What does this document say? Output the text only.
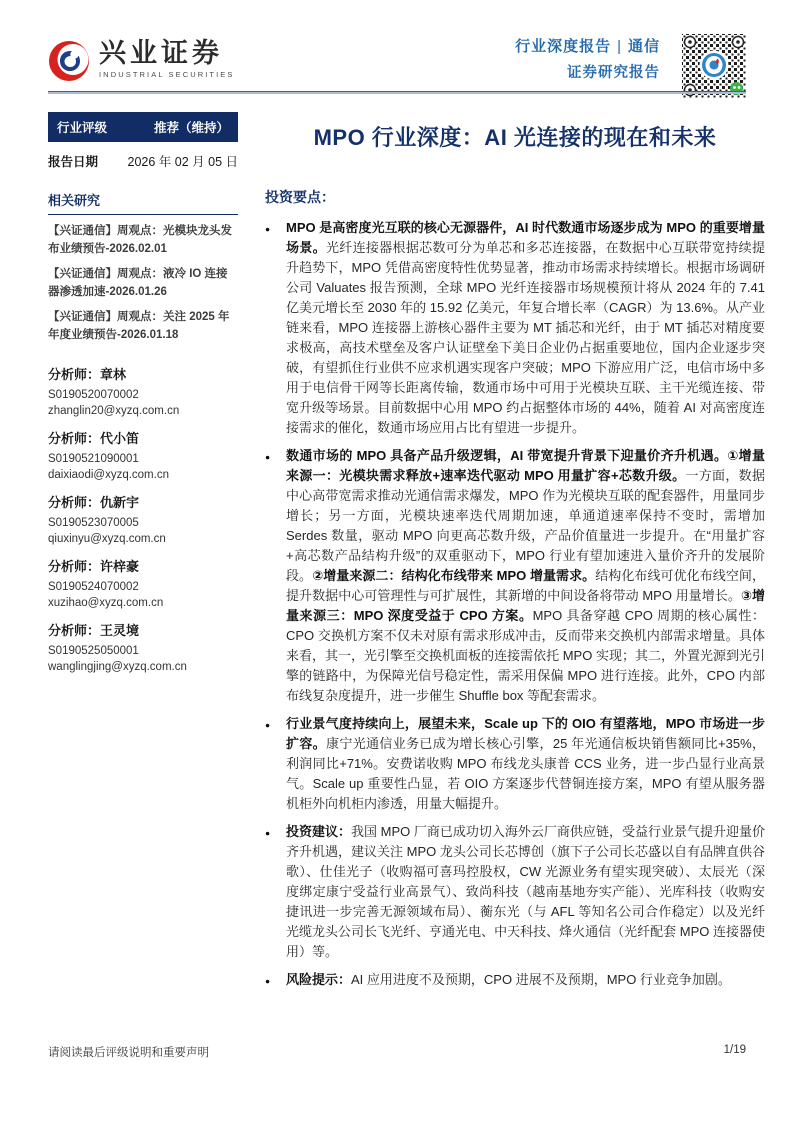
兴业证券
INDUSTRIAL SECURITIES
行业深度报告 | 通信
证券研究报告
行业评级	推荐（维持）
报告日期 2026 年 02 月 05 日
相关研究
【兴证通信】周观点：光模块龙头发布业绩预告-2026.02.01
【兴证通信】周观点：液冷 IO 连接器渗透加速-2026.01.26
【兴证通信】周观点：关注 2025 年年度业绩预告-2026.01.18
分析师：章林
S0190520070002
zhanglin20@xyzq.com.cn
分析师：代小笛
S0190521090001
daixiaodi@xyzq.com.cn
分析师：仇新宇
S0190523070005
qiuxinyu@xyzq.com.cn
分析师：许梓豪
S0190524070002
xuzihao@xyzq.com.cn
分析师：王灵境
S0190525050001
wanglingjing@xyzq.com.cn
MPO 行业深度：AI 光连接的现在和未来
投资要点：
●	MPO 是高密度光互联的核心无源器件，AI 时代数通市场逐步成为 MPO 的重要增量场景。光纤连接器根据芯数可分为单芯和多芯连接器，在数据中心互联带宽持续提升趋势下，MPO 凭借高密度特性优势显著，推动市场需求持续增长。根据市场调研公司 Valuates 报告预测，全球 MPO 光纤连接器市场规模预计将从 2024 年的 7.41 亿美元增长至 2030 年的 15.92 亿美元，年复合增长率（CAGR）为 13.6%。从产业链来看，MPO 连接器上游核心器件主要为 MT 插芯和光纤，由于 MT 插芯对精度要求极高，高技术壁垒及客户认证壁垒下美日企业仍占据重要地位，国内企业逐步突破，有望抓住行业供不应求机遇实现客户突破；MPO 下游应用广泛，电信市场中多用于电信骨干网等长距离传输，数通市场中可用于光模块互联、主干光缆连接、带宽升级等场景。目前数据中心用 MPO 约占据整体市场的 44%，随着 AI 对高密度连接需求的催化，数通市场应用占比有望进一步提升。
●	数通市场的 MPO 具备产品升级逻辑，AI 带宽提升背景下迎量价齐升机遇。①增量来源一：光模块需求释放+速率迭代驱动 MPO 用量扩容+芯数升级。一方面，数据中心高带宽需求推动光通信需求爆发，MPO 作为光模块互联的配套器件，用量同步增长；另一方面，光模块速率迭代周期加速，单通道速率保持不变时，需增加 Serdes 数量，驱动 MPO 向更高芯数升级，产品价值量进一步提升。在“用量扩容+高芯数产品结构升级”的双重驱动下，MPO 行业有望加速进入量价齐升的发展阶段。②增量来源二：结构化布线带来 MPO 增量需求。结构化布线可优化布线空间，提升数据中心可管理性与可扩展性，其新增的中间设备将带动 MPO 用量增长。③增量来源三：MPO 深度受益于 CPO 方案。MPO 具备穿越 CPO 周期的核心属性：CPO 交换机方案不仅未对原有需求形成冲击，反而带来交换机内部需求增量。具体来看，其一，光引擎至交换机面板的连接需依托 MPO 实现；其二，外置光源到光引擎的链路中，为保障光信号稳定性，需采用保偏 MPO 进行连接。此外，CPO 内部布线复杂度提升，进一步催生 Shuffle box 等配套需求。
●	行业景气度持续向上，展望未来，Scale up 下的 OIO 有望落地，MPO 市场进一步扩容。康宁光通信业务已成为增长核心引擎，25 年光通信板块销售额同比+35%，利润同比+71%。安费诺收购 MPO 布线龙头康普 CCS 业务，进一步凸显行业高景气。Scale up 重要性凸显，若 OIO 方案逐步代替铜连接方案，MPO 有望从服务器机柜外向机柜内渗透，用量大幅提升。
●	投资建议：我国 MPO 厂商已成功切入海外云厂商供应链，受益行业景气提升迎量价齐升机遇，建议关注 MPO 龙头公司长芯博创（旗下子公司长芯盛以自有品牌直供谷歌）、仕佳光子（收购福可喜玛控股权，CW 光源业务有望实现突破）、太辰光（深度绑定康宁受益行业高景气）、致尚科技（越南基地夯实产能）、光库科技（收购安捷讯进一步完善无源领域布局）、蘅东光（与 AFL 等知名公司合作稳定）以及光纤光缆龙头公司长飞光纤、亨通光电、中天科技、烽火通信（光纤配套 MPO 连接器使用）等。
●	风险提示：AI 应用进度不及预期，CPO 进展不及预期，MPO 行业竞争加剧。
请阅读最后评级说明和重要声明	1/19
